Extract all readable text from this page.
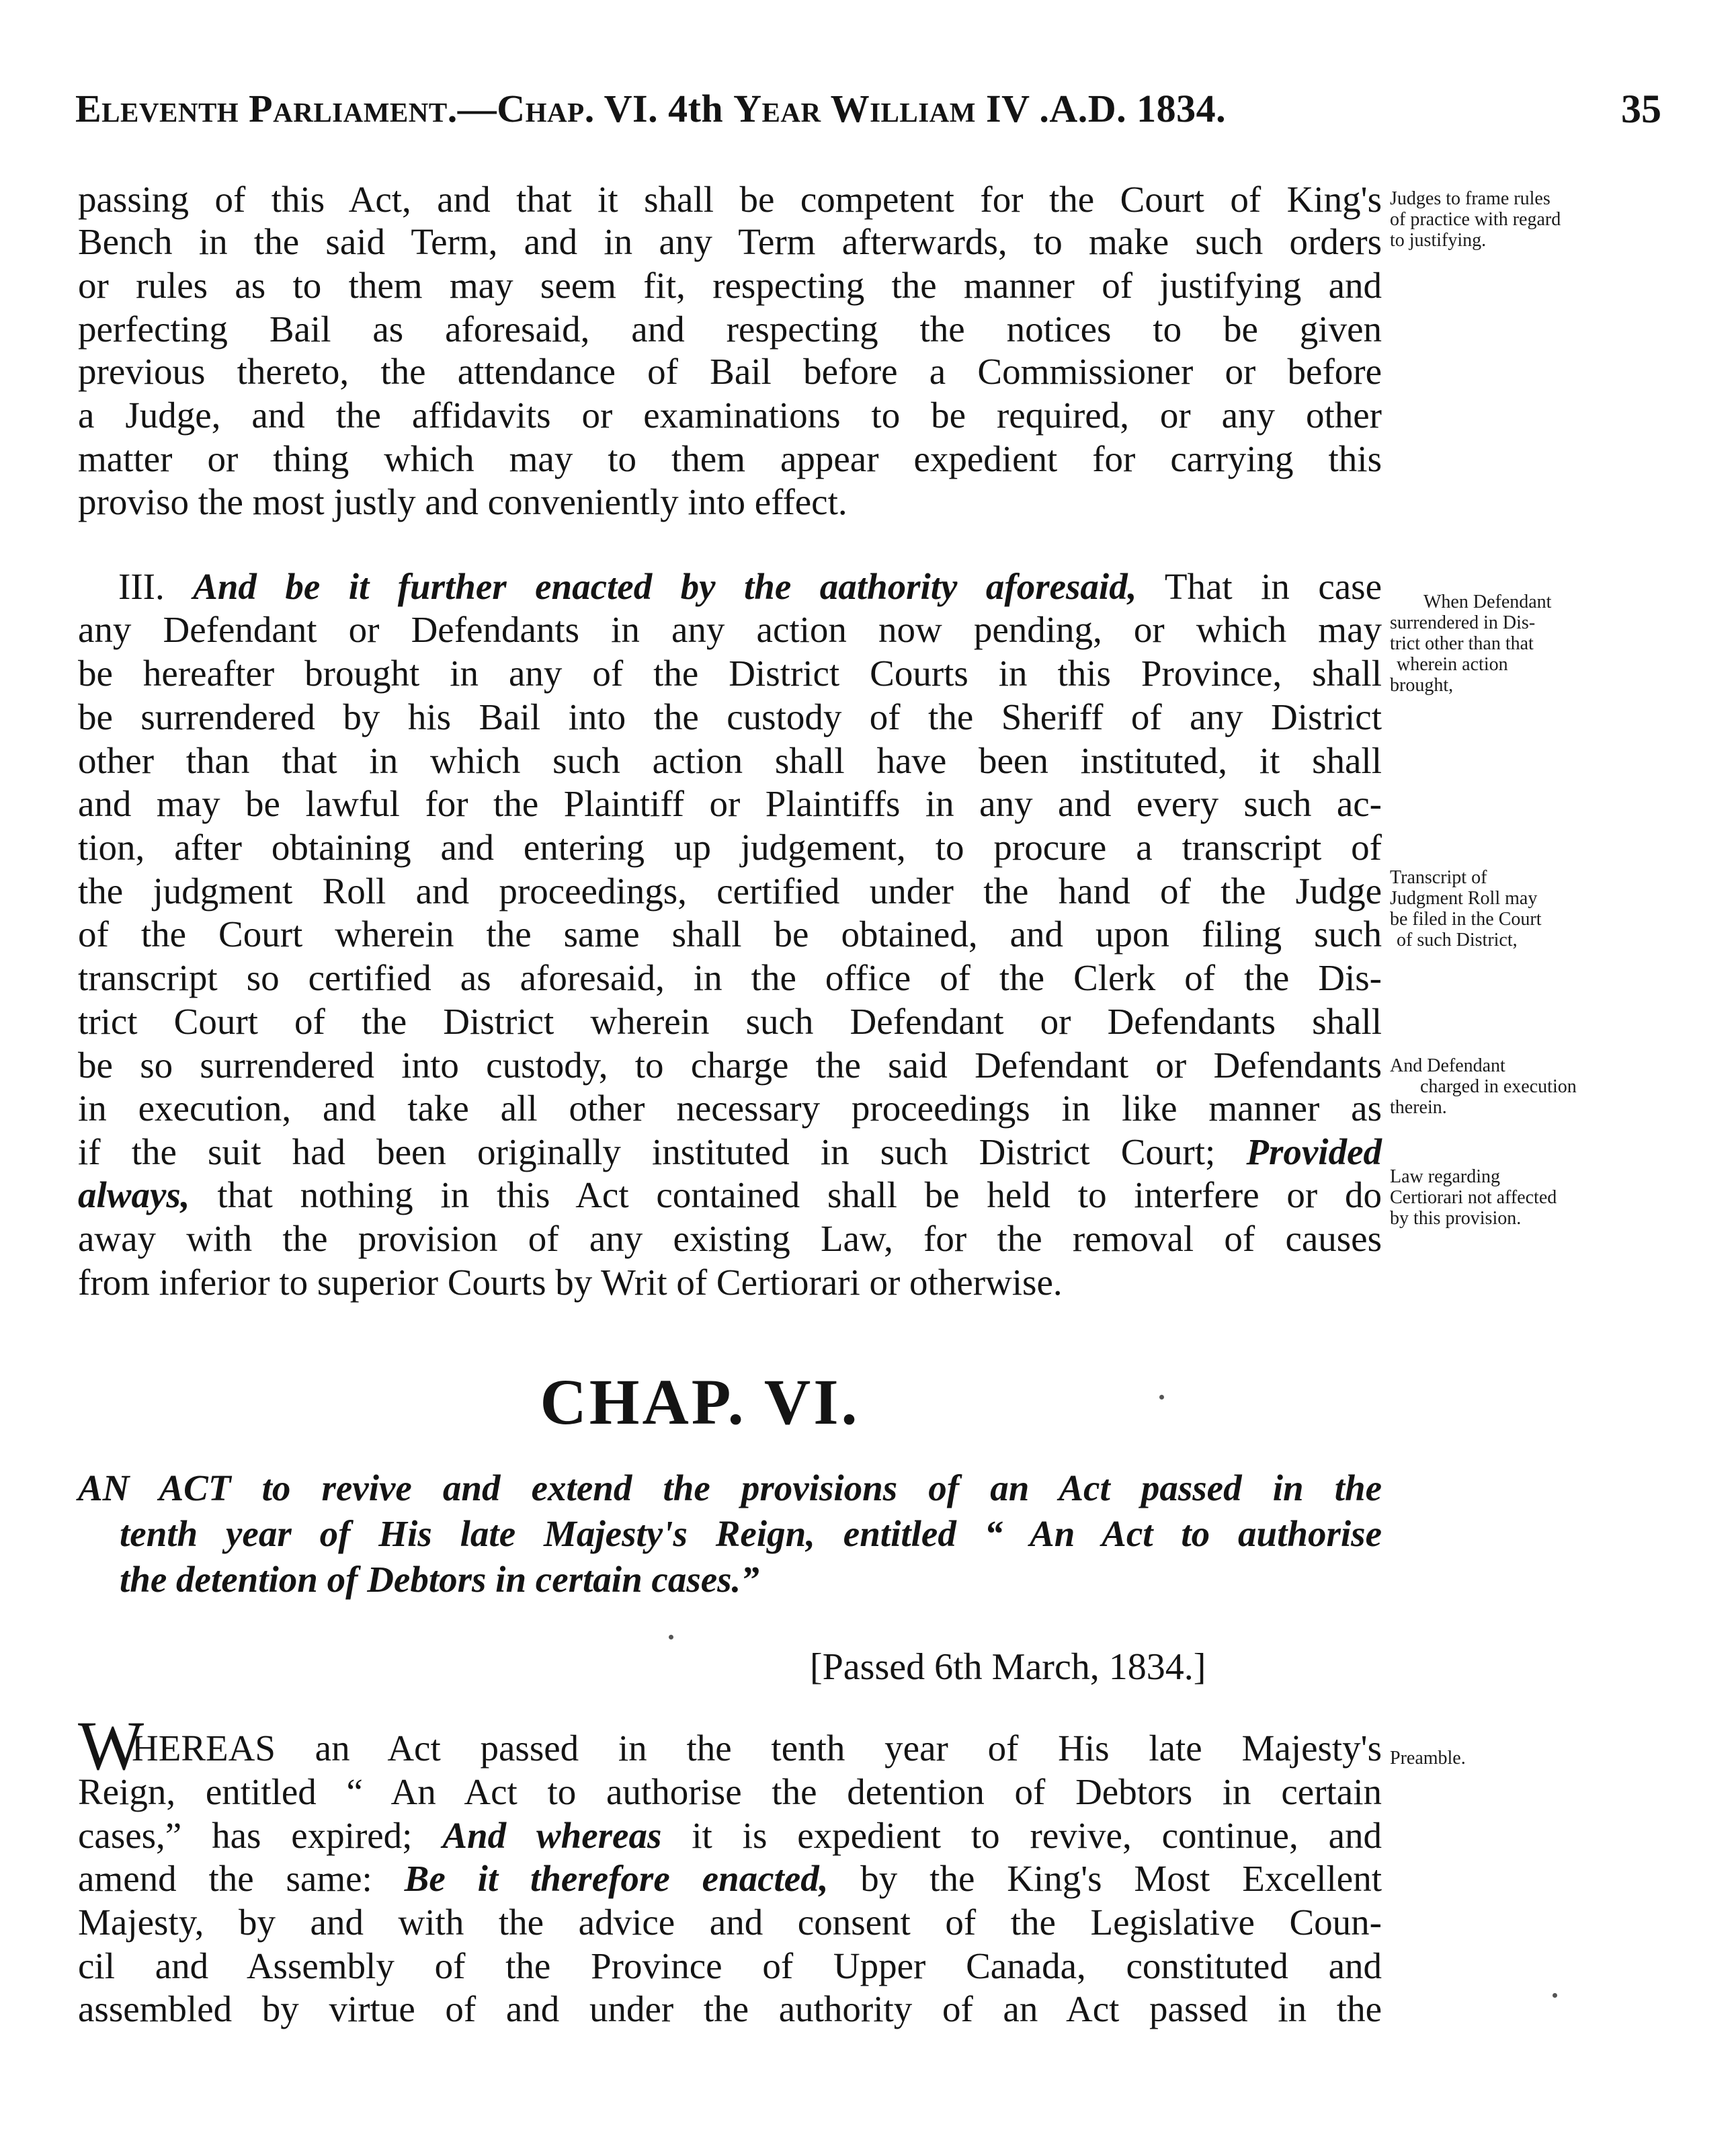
Eleventh Parliament.—Chap. VI. 4th Year William IV .A.D. 1834.	35
passing of this Act, and that it shall be competent for the Court of King's
Bench in the said Term, and in any Term afterwards, to make such orders
or rules as to them may seem fit, respecting the manner of justifying and
perfecting Bail as aforesaid, and respecting the notices to be given
previous thereto, the attendance of Bail before a Commissioner or before
a Judge, and the affidavits or examinations to be required, or any other
matter or thing which may to them appear expedient for carrying this
proviso the most justly and conveniently into effect.
Judges to frame rules
of practice with regard
to justifying.
III. And be it further enacted by the aathority aforesaid, That in case
any Defendant or Defendants in any action now pending, or which may
be hereafter brought in any of the District Courts in this Province, shall
be surrendered by his Bail into the custody of the Sheriff of any District
other than that in which such action shall have been instituted, it shall
and may be lawful for the Plaintiff or Plaintiffs in any and every such ac-
tion, after obtaining and entering up judgement, to procure a transcript of
the judgment Roll and proceedings, certified under the hand of the Judge
of the Court wherein the same shall be obtained, and upon filing such
transcript so certified as aforesaid, in the office of the Clerk of the Dis-
trict Court of the District wherein such Defendant or Defendants shall
be so surrendered into custody, to charge the said Defendant or Defendants
in execution, and take all other necessary proceedings in like manner as
if the suit had been originally instituted in such District Court; Provided
always, that nothing in this Act contained shall be held to interfere or do
away with the provision of any existing Law, for the removal of causes
from inferior to superior Courts by Writ of Certiorari or otherwise.
When Defendant
surrendered in Dis-
trict other than that
wherein action
brought,
Transcript of
Judgment Roll may
be filed in the Court
of such District,
And Defendant
charged in execution
therein.
Law regarding
Certiorari not affected
by this provision.
CHAP. VI.
AN ACT to revive and extend the provisions of an Act passed in the
tenth year of His late Majesty's Reign, entitled “ An Act to authorise
the detention of Debtors in certain cases.”
[Passed 6th March, 1834.]
W
HEREAS an Act passed in the tenth year of His late Majesty's
Reign, entitled “ An Act to authorise the detention of Debtors in certain
cases,” has expired; And whereas it is expedient to revive, continue, and
amend the same: Be it therefore enacted, by the King's Most Excellent
Majesty, by and with the advice and consent of the Legislative Coun-
cil and Assembly of the Province of Upper Canada, constituted and
assembled by virtue of and under the authority of an Act passed in the
Preamble.
